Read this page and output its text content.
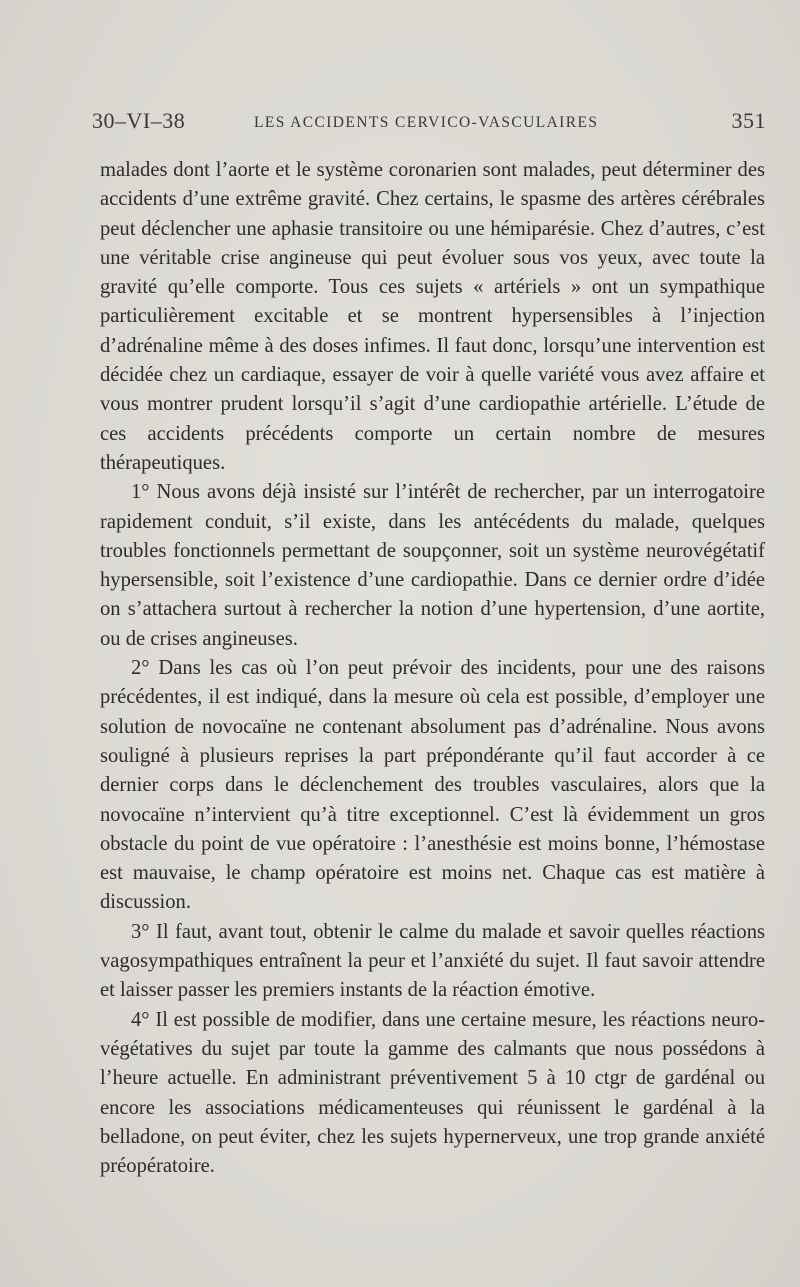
30–VI–38	LES ACCIDENTS CERVICO-VASCULAIRES	351

malades dont l’aorte et le système coronarien sont malades, peut déterminer des accidents d’une extrême gravité. Chez certains, le spasme des artères cérébrales peut déclencher une aphasie transitoire ou une hémiparésie. Chez d’autres, c’est une véritable crise angineuse qui peut évoluer sous vos yeux, avec toute la gravité qu’elle comporte. Tous ces sujets « artériels » ont un sympathique particulièrement excitable et se montrent hypersensibles à l’injection d’adrénaline même à des doses infimes. Il faut donc, lorsqu’une intervention est décidée chez un cardiaque, essayer de voir à quelle variété vous avez affaire et vous montrer prudent lorsqu’il s’agit d’une cardiopathie artérielle. L’étude de ces accidents précédents comporte un certain nombre de mesures thérapeutiques.

1° Nous avons déjà insisté sur l’intérêt de rechercher, par un interrogatoire rapidement conduit, s’il existe, dans les antécédents du malade, quelques troubles fonctionnels permettant de soupçonner, soit un système neurovégétatif hypersensible, soit l’existence d’une cardiopathie. Dans ce dernier ordre d’idée on s’attachera surtout à rechercher la notion d’une hypertension, d’une aortite, ou de crises angineuses.

2° Dans les cas où l’on peut prévoir des incidents, pour une des raisons précédentes, il est indiqué, dans la mesure où cela est possible, d’employer une solution de novocaïne ne contenant absolument pas d’adrénaline. Nous avons souligné à plusieurs reprises la part prépondérante qu’il faut accorder à ce dernier corps dans le déclenchement des troubles vasculaires, alors que la novocaïne n’intervient qu’à titre exceptionnel. C’est là évidemment un gros obstacle du point de vue opératoire : l’anesthésie est moins bonne, l’hémostase est mauvaise, le champ opératoire est moins net. Chaque cas est matière à discussion.

3° Il faut, avant tout, obtenir le calme du malade et savoir quelles réactions vagosympathiques entraînent la peur et l’anxiété du sujet. Il faut savoir attendre et laisser passer les premiers instants de la réaction émotive.

4° Il est possible de modifier, dans une certaine mesure, les réactions neuro-végétatives du sujet par toute la gamme des calmants que nous possédons à l’heure actuelle. En administrant préventivement 5 à 10 ctgr de gardénal ou encore les associations médicamenteuses qui réunissent le gardénal à la belladone, on peut éviter, chez les sujets hypernerveux, une trop grande anxiété préopératoire.
